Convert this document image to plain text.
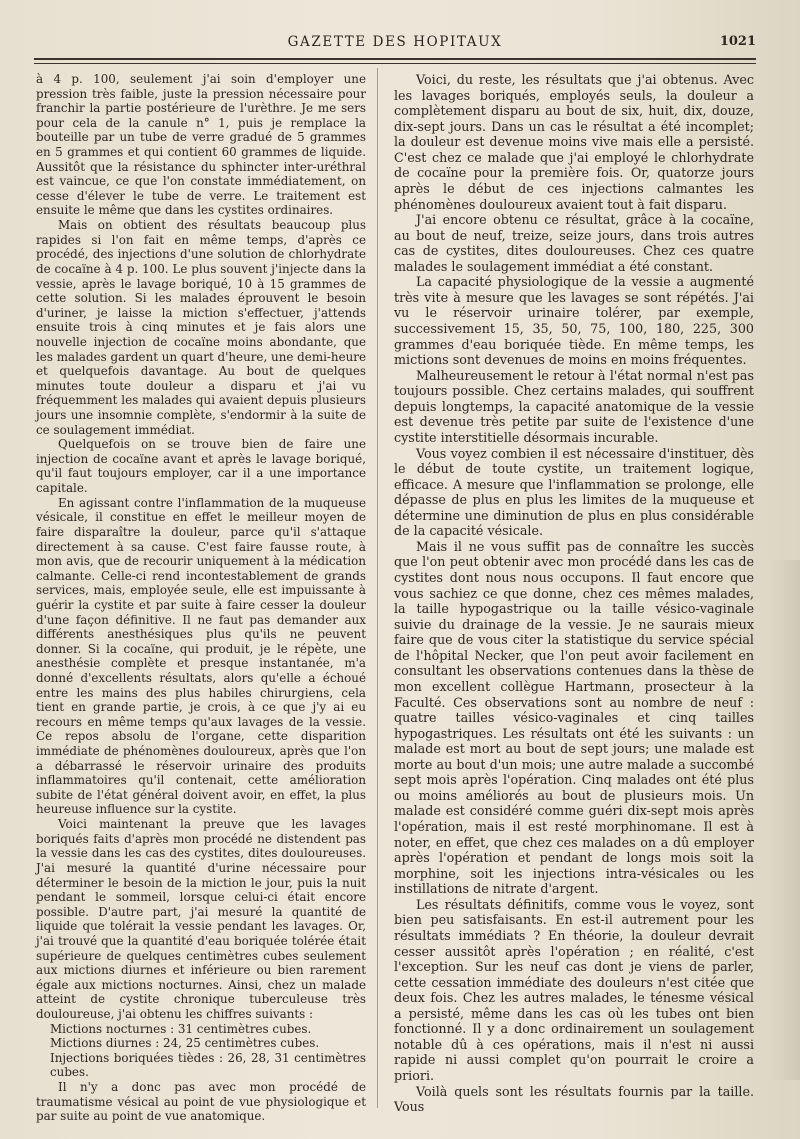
GAZETTE DES HOPITAUX	1021

à 4 p. 100, seulement j'ai soin d'employer une pression très faible, juste la pression nécessaire pour franchir la partie postérieure de l'urèthre. Je me sers pour cela de la canule n° 1, puis je remplace la bouteille par un tube de verre gradué de 5 grammes en 5 grammes et qui contient 60 grammes de liquide. Aussitôt que la résistance du sphincter inter-uréthral est vaincue, ce que l'on constate immédiatement, on cesse d'élever le tube de verre. Le traitement est ensuite le même que dans les cystites ordinaires.

Mais on obtient des résultats beaucoup plus rapides si l'on fait en même temps, d'après ce procédé, des injections d'une solution de chlorhydrate de cocaïne à 4 p. 100. Le plus souvent j'injecte dans la vessie, après le lavage boriqué, 10 à 15 grammes de cette solution. Si les malades éprouvent le besoin d'uriner, je laisse la miction s'effectuer, j'attends ensuite trois à cinq minutes et je fais alors une nouvelle injection de cocaïne moins abondante, que les malades gardent un quart d'heure, une demi-heure et quelquefois davantage. Au bout de quelques minutes toute douleur a disparu et j'ai vu fréquemment les malades qui avaient depuis plusieurs jours une insomnie complète, s'endormir à la suite de ce soulagement immédiat.

Quelquefois on se trouve bien de faire une injection de cocaïne avant et après le lavage boriqué, qu'il faut toujours employer, car il a une importance capitale.

En agissant contre l'inflammation de la muqueuse vésicale, il constitue en effet le meilleur moyen de faire disparaître la douleur, parce qu'il s'attaque directement à sa cause. C'est faire fausse route, à mon avis, que de recourir uniquement à la médication calmante. Celle-ci rend incontestablement de grands services, mais, employée seule, elle est impuissante à guérir la cystite et par suite à faire cesser la douleur d'une façon définitive. Il ne faut pas demander aux différents anesthésiques plus qu'ils ne peuvent donner. Si la cocaïne, qui produit, je le répète, une anesthésie complète et presque instantanée, m'a donné d'excellents résultats, alors qu'elle a échoué entre les mains des plus habiles chirurgiens, cela tient en grande partie, je crois, à ce que j'y ai eu recours en même temps qu'aux lavages de la vessie. Ce repos absolu de l'organe, cette disparition immédiate de phénomènes douloureux, après que l'on a débarrassé le réservoir urinaire des produits inflammatoires qu'il contenait, cette amélioration subite de l'état général doivent avoir, en effet, la plus heureuse influence sur la cystite.

Voici maintenant la preuve que les lavages boriqués faits d'après mon procédé ne distendent pas la vessie dans les cas des cystites, dites douloureuses. J'ai mesuré la quantité d'urine nécessaire pour déterminer le besoin de la miction le jour, puis la nuit pendant le sommeil, lorsque celui-ci était encore possible. D'autre part, j'ai mesuré la quantité de liquide que tolérait la vessie pendant les lavages. Or, j'ai trouvé que la quantité d'eau boriquée tolérée était supérieure de quelques centimètres cubes seulement aux mictions diurnes et inférieure ou bien rarement égale aux mictions nocturnes. Ainsi, chez un malade atteint de cystite chronique tuberculeuse très douloureuse, j'ai obtenu les chiffres suivants :

Mictions nocturnes : 31 centimètres cubes.

Mictions diurnes : 24, 25 centimètres cubes.

Injections boriquées tièdes : 26, 28, 31 centimètres cubes.

Il n'y a donc pas avec mon procédé de traumatisme vésical au point de vue physiologique et par suite au point de vue anatomique.

Voici, du reste, les résultats que j'ai obtenus. Avec les lavages boriqués, employés seuls, la douleur a complètement disparu au bout de six, huit, dix, douze, dix-sept jours. Dans un cas le résultat a été incomplet; la douleur est devenue moins vive mais elle a persisté. C'est chez ce malade que j'ai employé le chlorhydrate de cocaïne pour la première fois. Or, quatorze jours après le début de ces injections calmantes les phénomènes douloureux avaient tout à fait disparu.

J'ai encore obtenu ce résultat, grâce à la cocaïne, au bout de neuf, treize, seize jours, dans trois autres cas de cystites, dites douloureuses. Chez ces quatre malades le soulagement immédiat a été constant.

La capacité physiologique de la vessie a augmenté très vite à mesure que les lavages se sont répétés. J'ai vu le réservoir urinaire tolérer, par exemple, successivement 15, 35, 50, 75, 100, 180, 225, 300 grammes d'eau boriquée tiède. En même temps, les mictions sont devenues de moins en moins fréquentes.

Malheureusement le retour à l'état normal n'est pas toujours possible. Chez certains malades, qui souffrent depuis longtemps, la capacité anatomique de la vessie est devenue très petite par suite de l'existence d'une cystite interstitielle désormais incurable.

Vous voyez combien il est nécessaire d'instituer, dès le début de toute cystite, un traitement logique, efficace. A mesure que l'inflammation se prolonge, elle dépasse de plus en plus les limites de la muqueuse et détermine une diminution de plus en plus considérable de la capacité vésicale.

Mais il ne vous suffit pas de connaître les succès que l'on peut obtenir avec mon procédé dans les cas de cystites dont nous nous occupons. Il faut encore que vous sachiez ce que donne, chez ces mêmes malades, la taille hypogastrique ou la taille vésico-vaginale suivie du drainage de la vessie. Je ne saurais mieux faire que de vous citer la statistique du service spécial de l'hôpital Necker, que l'on peut avoir facilement en consultant les observations contenues dans la thèse de mon excellent collègue Hartmann, prosecteur à la Faculté. Ces observations sont au nombre de neuf : quatre tailles vésico-vaginales et cinq tailles hypogastriques. Les résultats ont été les suivants : un malade est mort au bout de sept jours; une malade est morte au bout d'un mois; une autre malade a succombé sept mois après l'opération. Cinq malades ont été plus ou moins améliorés au bout de plusieurs mois. Un malade est considéré comme guéri dix-sept mois après l'opération, mais il est resté morphinomane. Il est à noter, en effet, que chez ces malades on a dû employer après l'opération et pendant de longs mois soit la morphine, soit les injections intra-vésicales ou les instillations de nitrate d'argent.

Les résultats définitifs, comme vous le voyez, sont bien peu satisfaisants. En est-il autrement pour les résultats immédiats ? En théorie, la douleur devrait cesser aussitôt après l'opération ; en réalité, c'est l'exception. Sur les neuf cas dont je viens de parler, cette cessation immédiate des douleurs n'est citée que deux fois. Chez les autres malades, le ténesme vésical a persisté, même dans les cas où les tubes ont bien fonctionné. Il y a donc ordinairement un soulagement notable dû à ces opérations, mais il n'est ni aussi rapide ni aussi complet qu'on pourrait le croire a priori.

Voilà quels sont les résultats fournis par la taille. Vous
